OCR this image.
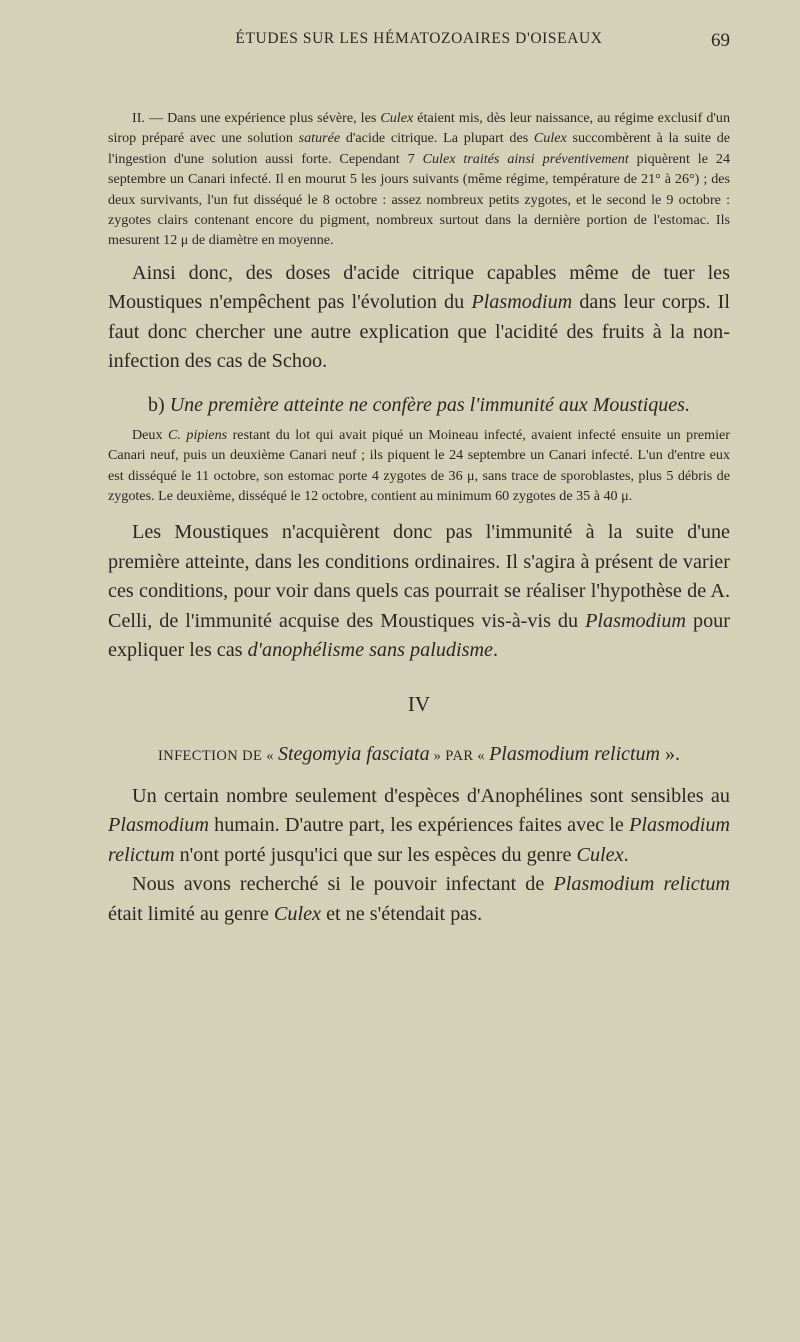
ÉTUDES SUR LES HÉMATOZOAIRES D'OISEAUX	69

II. — Dans une expérience plus sévère, les Culex étaient mis, dès leur naissance, au régime exclusif d'un sirop préparé avec une solution saturée d'acide citrique. La plupart des Culex succombèrent à la suite de l'ingestion d'une solution aussi forte. Cependant 7 Culex traités ainsi préventivement piquèrent le 24 septembre un Canari infecté. Il en mourut 5 les jours suivants (même régime, température de 21° à 26°) ; des deux survivants, l'un fut disséqué le 8 octobre : assez nombreux petits zygotes, et le second le 9 octobre : zygotes clairs contenant encore du pigment, nombreux surtout dans la dernière portion de l'estomac. Ils mesurent 12 μ de diamètre en moyenne.

Ainsi donc, des doses d'acide citrique capables même de tuer les Moustiques n'empêchent pas l'évolution du Plasmodium dans leur corps. Il faut donc chercher une autre explication que l'acidité des fruits à la non-infection des cas de Schoo.

b) Une première atteinte ne confère pas l'immunité aux Moustiques.

Deux C. pipiens restant du lot qui avait piqué un Moineau infecté, avaient infecté ensuite un premier Canari neuf, puis un deuxième Canari neuf ; ils piquent le 24 septembre un Canari infecté. L'un d'entre eux est disséqué le 11 octobre, son estomac porte 4 zygotes de 36 μ, sans trace de sporoblastes, plus 5 débris de zygotes. Le deuxième, disséqué le 12 octobre, contient au minimum 60 zygotes de 35 à 40 μ.

Les Moustiques n'acquièrent donc pas l'immunité à la suite d'une première atteinte, dans les conditions ordinaires. Il s'agira à présent de varier ces conditions, pour voir dans quels cas pourrait se réaliser l'hypothèse de A. Celli, de l'immunité acquise des Moustiques vis-à-vis du Plasmodium pour expliquer les cas d'anophélisme sans paludisme.

IV
INFECTION DE « Stegomyia fasciata » PAR « Plasmodium relictum ».

Un certain nombre seulement d'espèces d'Anophélines sont sensibles au Plasmodium humain. D'autre part, les expériences faites avec le Plasmodium relictum n'ont porté jusqu'ici que sur les espèces du genre Culex.

Nous avons recherché si le pouvoir infectant de Plasmodium relictum était limité au genre Culex et ne s'étendait pas.
